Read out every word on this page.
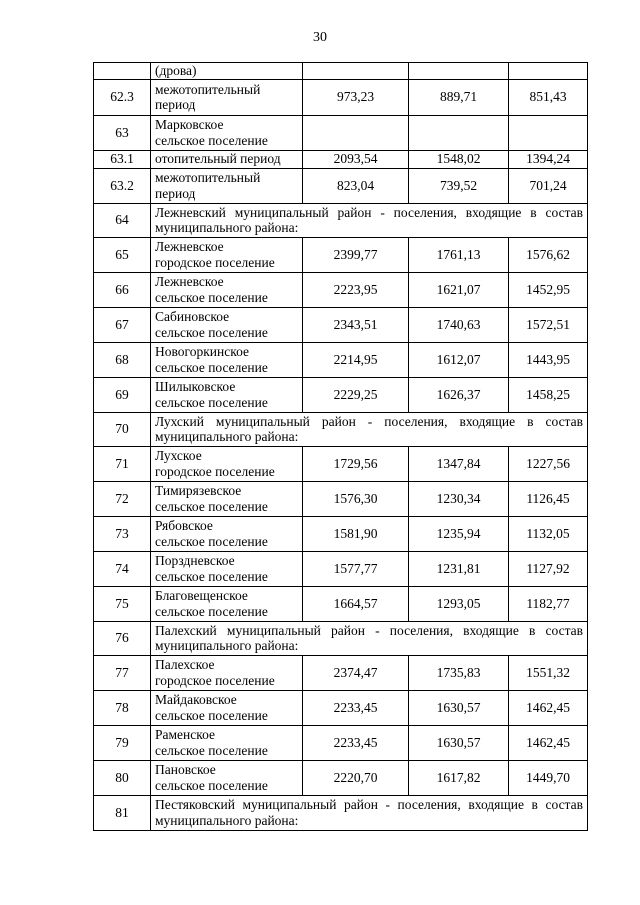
30

	(дрова)			

62.3	межотопительный
период	973,23	889,71	851,43
63	Марковское
сельское поселение			

63.1	отопительный период	2093,54	1548,02	1394,24
63.2	межотопительный
период	823,04	739,52	701,24
64	Лежневский муниципальный район - поселения, входящие в состав муниципального района:			
65	Лежневское
городское поселение	2399,77	1761,13	1576,62
66	Лежневское
сельское поселение	2223,95	1621,07	1452,95
67	Сабиновское
сельское поселение	2343,51	1740,63	1572,51
68	Новогоркинское
сельское поселение	2214,95	1612,07	1443,95
69	Шилыковское
сельское поселение	2229,25	1626,37	1458,25
70	Лухский муниципальный район - поселения, входящие в состав муниципального района:			
71	Лухское
городское поселение	1729,56	1347,84	1227,56
72	Тимирязевское
сельское поселение	1576,30	1230,34	1126,45
73	Рябовское
сельское поселение	1581,90	1235,94	1132,05
74	Порздневское
сельское поселение	1577,77	1231,81	1127,92
75	Благовещенское
сельское поселение	1664,57	1293,05	1182,77
76	Палехский муниципальный район - поселения, входящие в состав муниципального района:			
77	Палехское
городское поселение	2374,47	1735,83	1551,32
78	Майдаковское
сельское поселение	2233,45	1630,57	1462,45
79	Раменское
сельское поселение	2233,45	1630,57	1462,45
80	Пановское
сельское поселение	2220,70	1617,82	1449,70
81	Пестяковский муниципальный район - поселения, входящие в состав муниципального района:			
